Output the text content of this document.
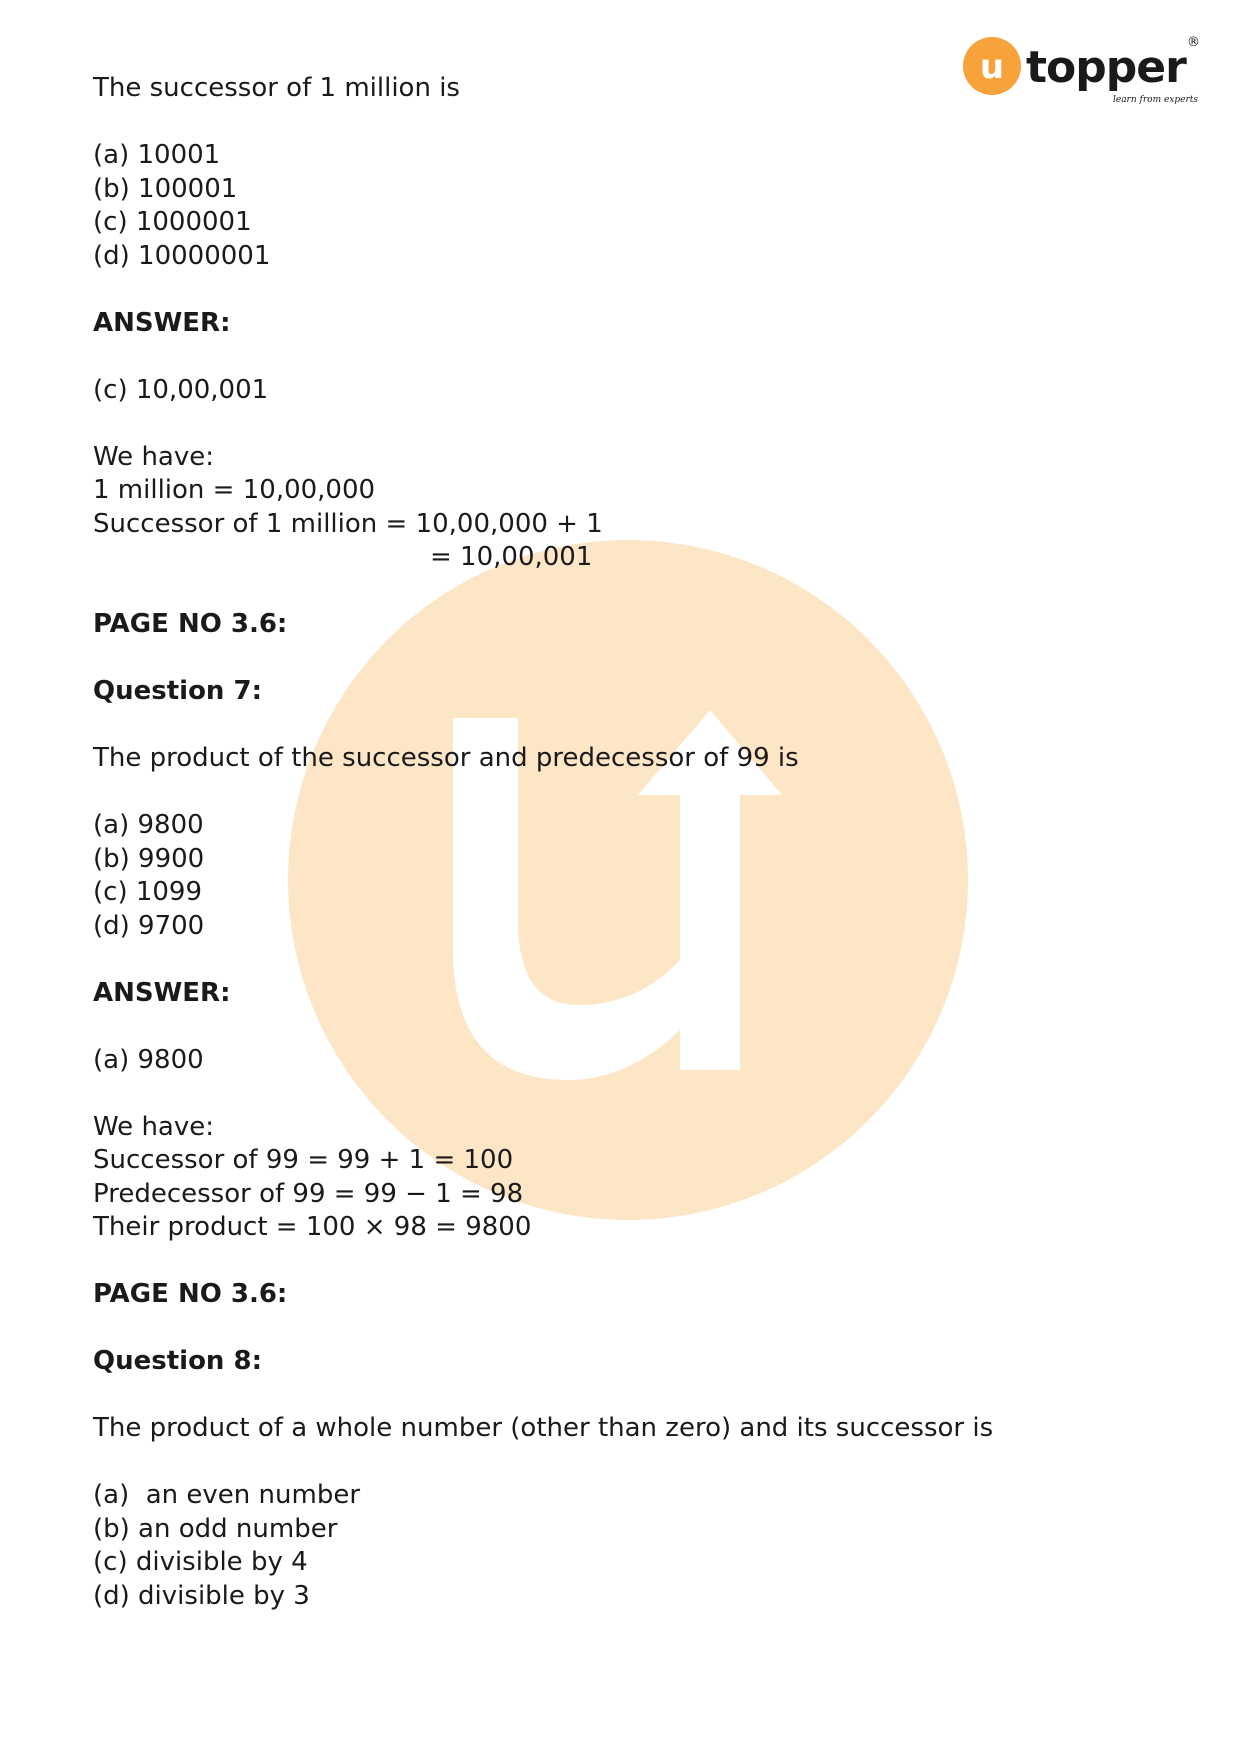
u topper ®
learn from experts
The successor of 1 million is
(a) 10001
(b) 100001
(c) 1000001
(d) 10000001
ANSWER:
(c) 10,00,001
We have:
1 million = 10,00,000
Successor of 1 million = 10,00,000 + 1
= 10,00,001
PAGE NO 3.6:
Question 7:
The product of the successor and predecessor of 99 is
(a) 9800
(b) 9900
(c) 1099
(d) 9700
ANSWER:
(a) 9800
We have:
Successor of 99 = 99 + 1 = 100
Predecessor of 99 = 99 − 1 = 98
Their product = 100 × 98 = 9800
PAGE NO 3.6:
Question 8:
The product of a whole number (other than zero) and its successor is
(a)  an even number
(b) an odd number
(c) divisible by 4
(d) divisible by 3
